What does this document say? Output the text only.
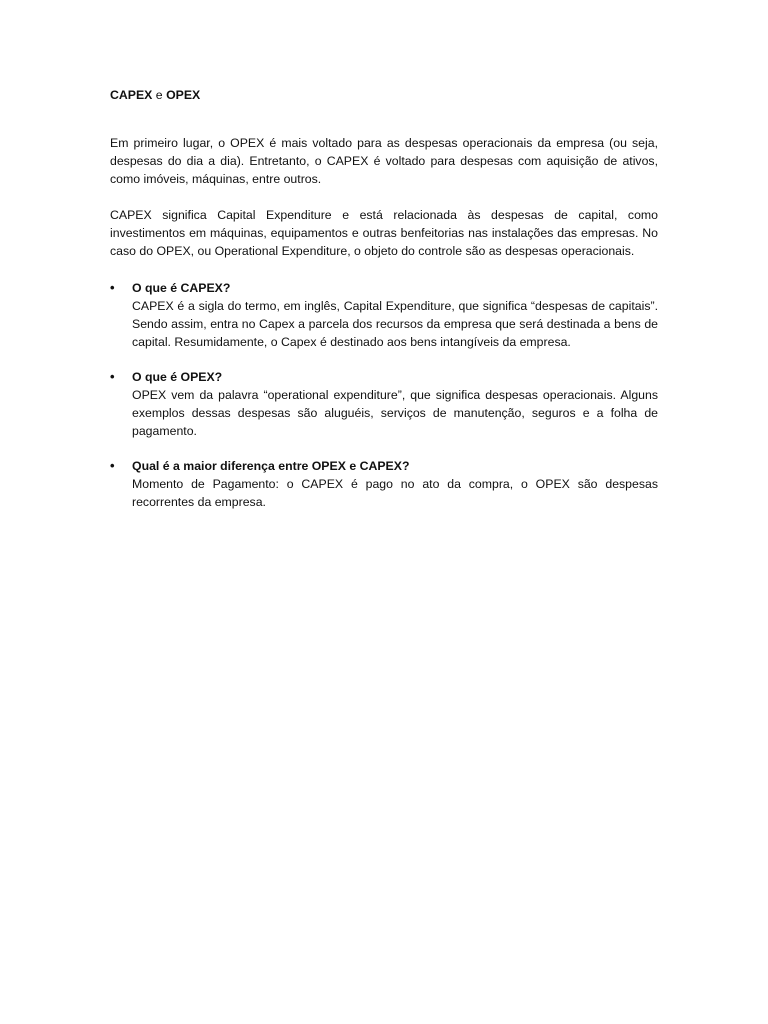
CAPEX e OPEX

Em primeiro lugar, o OPEX é mais voltado para as despesas operacionais da empresa (ou seja, despesas do dia a dia). Entretanto, o CAPEX é voltado para despesas com aquisição de ativos, como imóveis, máquinas, entre outros.

CAPEX significa Capital Expenditure e está relacionada às despesas de capital, como investimentos em máquinas, equipamentos e outras benfeitorias nas instalações das empresas. No caso do OPEX, ou Operational Expenditure, o objeto do controle são as despesas operacionais.

•	O que é CAPEX?
CAPEX é a sigla do termo, em inglês, Capital Expenditure, que significa “despesas de capitais”. Sendo assim, entra no Capex a parcela dos recursos da empresa que será destinada a bens de capital. Resumidamente, o Capex é destinado aos bens intangíveis da empresa.
•	O que é OPEX?
OPEX vem da palavra “operational expenditure”, que significa despesas operacionais. Alguns exemplos dessas despesas são aluguéis, serviços de manutenção, seguros e a folha de pagamento.
•	Qual é a maior diferença entre OPEX e CAPEX?
Momento de Pagamento: o CAPEX é pago no ato da compra, o OPEX são despesas recorrentes da empresa.
